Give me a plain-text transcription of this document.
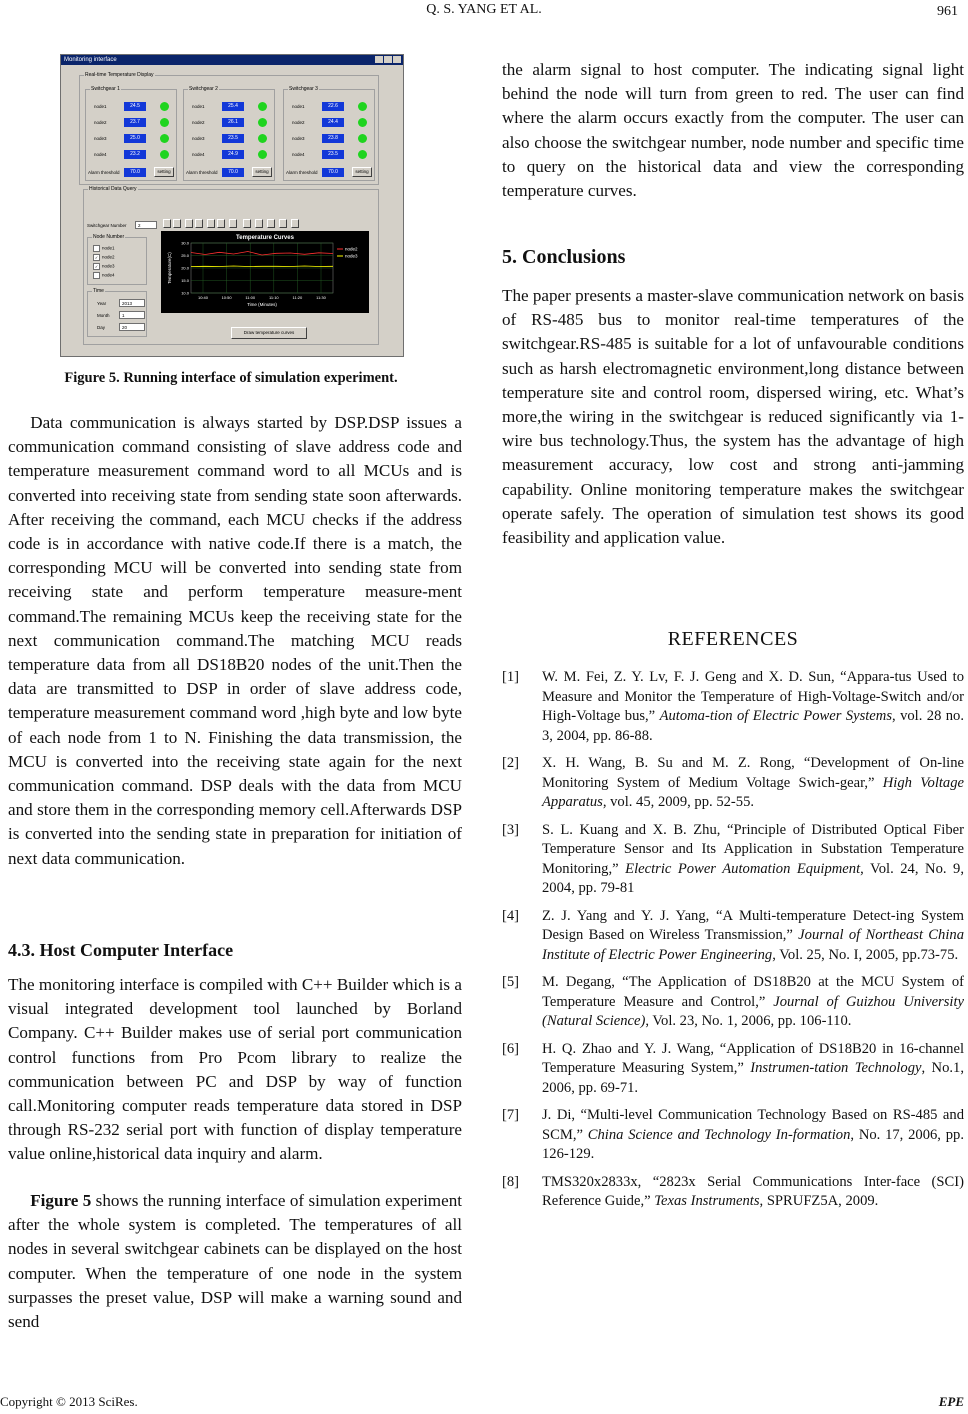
Q. S. YANG ET AL.	961
Monitoring interface
Real-time Temperature Display
Switchgear 1
node1	24.5
node2	23.7
node3	25.0
node4	23.2
Alarm threshold	70.0	setting
Switchgear 2
node1	25.4
node2	26.1
node3	23.5
node4	24.9
Alarm threshold	70.0	setting
Switchgear 3
node1	22.6
node2	24.4
node3	23.8
node4	23.5
Alarm threshold	70.0	setting
Historical Data Query
Switchgear Number	2
Node Number
node1
✓ node2
✓ node3
node4
Time
Year	2013
Month	1
Day	20
Temperature Curves
30.0
25.0
20.0
15.0
10.0
10:40	10:50	11:00	11:10	11:20	11:30
Time (Minutes)
Temperature(C)
node2
node3
Draw temperature curves
Figure 5. Running interface of simulation experiment.

Data communication is always started by DSP.DSP issues a communication command consisting of slave address code and temperature measurement command word to all MCUs and is converted into receiving state from sending state soon afterwards. After receiving the command, each MCU checks if the address code is in accordance with native code.If there is a match, the corresponding MCU will be converted into sending state from receiving state and perform temperature measure-ment command.The remaining MCUs keep the receiving state for the next communication command.The matching MCU reads temperature data from all DS18B20 nodes of the unit.Then the data are transmitted to DSP in order of slave address code, temperature measurement command word ,high byte and low byte of each node from 1 to N. Finishing the data transmission, the MCU is converted into the receiving state again for the next communication command. DSP deals with the data from MCU and store them in the corresponding memory cell.Afterwards DSP is converted into the sending state in preparation for initiation of next data communication.

4.3. Host Computer Interface

The monitoring interface is compiled with C++ Builder which is a visual integrated development tool launched by Borland Company. C++ Builder makes use of serial port communication control functions from Pro Pcom library to realize the communication between PC and DSP by way of function call.Monitoring computer reads temperature data stored in DSP through RS-232 serial port with function of display temperature value online,historical data inquiry and alarm.

Figure 5 shows the running interface of simulation experiment after the whole system is completed. The temperatures of all nodes in several switchgear cabinets can be displayed on the host computer. When the temperature of one node in the system surpasses the preset value, DSP will make a warning sound and send

the alarm signal to host computer. The indicating signal light behind the node will turn from green to red. The user can find where the alarm occurs exactly from the computer. The user can also choose the switchgear number, node number and specific time to query on the historical data and view the corresponding temperature curves.

5. Conclusions

The paper presents a master-slave communication network on basis of RS-485 bus to monitor real-time temperatures of the switchgear.RS-485 is suitable for a lot of unfavourable conditions such as harsh electromagnetic environment,long distance between temperature site and control room, dispersed wiring, etc. What’s more,the wiring in the switchgear is reduced significantly via 1-wire bus technology.Thus, the system has the advantage of high measurement accuracy, low cost and strong anti-jamming capability. Online monitoring temperature makes the switchgear operate safely. The operation of simulation test shows its good feasibility and application value.

REFERENCES
[1] W. M. Fei, Z. Y. Lv, F. J. Geng and X. D. Sun, “Appara-tus Used to Measure and Monitor the Temperature of High-Voltage-Switch and/or High-Voltage bus,” Automa-tion of Electric Power Systems, vol. 28 no. 3, 2004, pp. 86-88.
[2] X. H. Wang, B. Su and M. Z. Rong, “Development of On-line Monitoring System of Medium Voltage Swich-gear,” High Voltage Apparatus, vol. 45, 2009, pp. 52-55.
[3] S. L. Kuang and X. B. Zhu, “Principle of Distributed Optical Fiber Temperature Sensor and Its Application in Substation Temperature Monitoring,” Electric Power Automation Equipment, Vol. 24, No. 9, 2004, pp. 79-81
[4] Z. J. Yang and Y. J. Yang, “A Multi-temperature Detect-ing System Design Based on Wireless Transmission,” Journal of Northeast China Institute of Electric Power Engineering, Vol. 25, No. I, 2005, pp.73-75.
[5] M. Degang, “The Application of DS18B20 at the MCU System of Temperature Measure and Control,” Journal of Guizhou University (Natural Science), Vol. 23, No. 1, 2006, pp. 106-110.
[6] H. Q. Zhao and Y. J. Wang, “Application of DS18B20 in 16-channel Temperature Measuring System,” Instrumen-tation Technology, No.1, 2006, pp. 69-71.
[7] J. Di, “Multi-level Communication Technology Based on RS-485 and SCM,” China Science and Technology In-formation, No. 17, 2006, pp. 126-129.
[8] TMS320x2833x, “2823x Serial Communications Inter-face (SCI) Reference Guide,” Texas Instruments, SPRUFZ5A, 2009.
Copyright © 2013 SciRes.	EPE
